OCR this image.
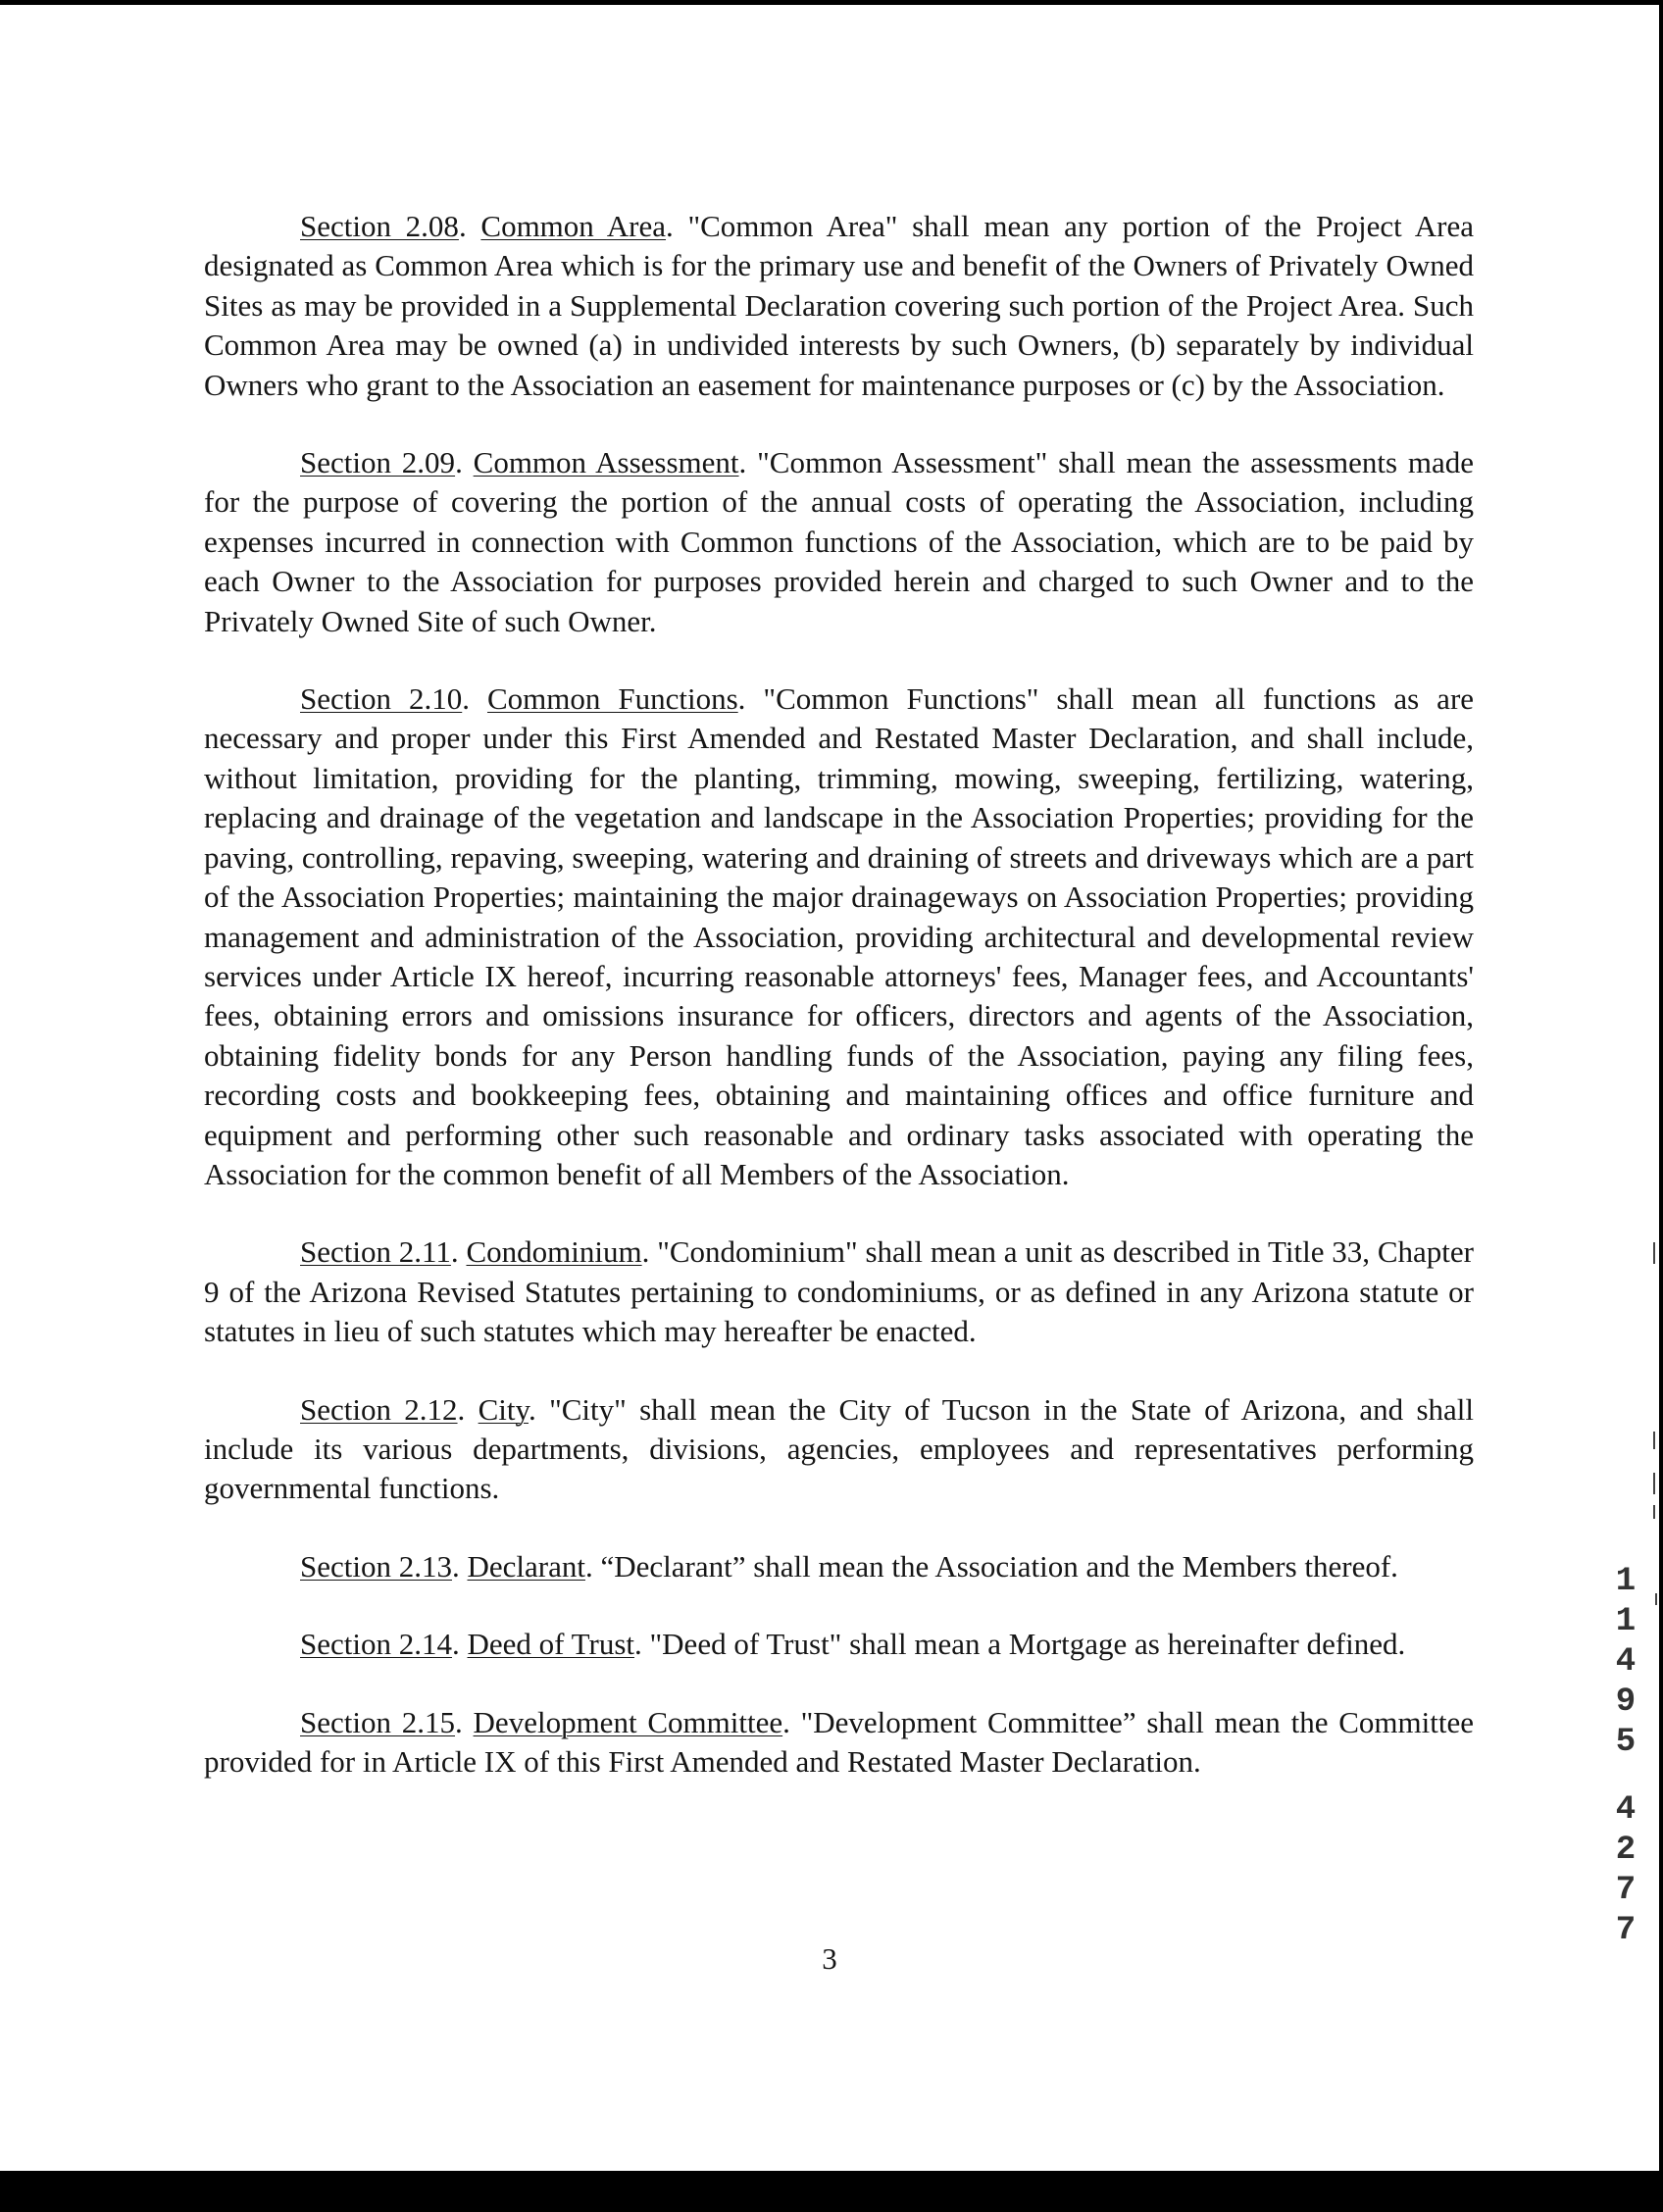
Section 2.08. Common Area. "Common Area" shall mean any portion of the Project Area designated as Common Area which is for the primary use and benefit of the Owners of Privately Owned Sites as may be provided in a Supplemental Declaration covering such portion of the Project Area. Such Common Area may be owned (a) in undivided interests by such Owners, (b) separately by individual Owners who grant to the Association an easement for maintenance purposes or (c) by the Association.

Section 2.09. Common Assessment. "Common Assessment" shall mean the assessments made for the purpose of covering the portion of the annual costs of operating the Association, including expenses incurred in connection with Common functions of the Association, which are to be paid by each Owner to the Association for purposes provided herein and charged to such Owner and to the Privately Owned Site of such Owner.

Section 2.10. Common Functions. "Common Functions" shall mean all functions as are necessary and proper under this First Amended and Restated Master Declaration, and shall include, without limitation, providing for the planting, trimming, mowing, sweeping, fertilizing, watering, replacing and drainage of the vegetation and landscape in the Association Properties; providing for the paving, controlling, repaving, sweeping, watering and draining of streets and driveways which are a part of the Association Properties; maintaining the major drainageways on Association Properties; providing management and administration of the Association, providing architectural and developmental review services under Article IX hereof, incurring reasonable attorneys' fees, Manager fees, and Accountants' fees, obtaining errors and omissions insurance for officers, directors and agents of the Association, obtaining fidelity bonds for any Person handling funds of the Association, paying any filing fees, recording costs and bookkeeping fees, obtaining and maintaining offices and office furniture and equipment and performing other such reasonable and ordinary tasks associated with operating the Association for the common benefit of all Members of the Association.

Section 2.11. Condominium. "Condominium" shall mean a unit as described in Title 33, Chapter 9 of the Arizona Revised Statutes pertaining to condominiums, or as defined in any Arizona statute or statutes in lieu of such statutes which may hereafter be enacted.

Section 2.12. City. "City" shall mean the City of Tucson in the State of Arizona, and shall include its various departments, divisions, agencies, employees and representatives performing governmental functions.

Section 2.13. Declarant. “Declarant” shall mean the Association and the Members thereof.

Section 2.14. Deed of Trust. "Deed of Trust" shall mean a Mortgage as hereinafter defined.

Section 2.15. Development Committee. "Development Committee” shall mean the Committee provided for in Article IX of this First Amended and Restated Master Declaration.

3
1
1
4
9
5
4
2
7
7
